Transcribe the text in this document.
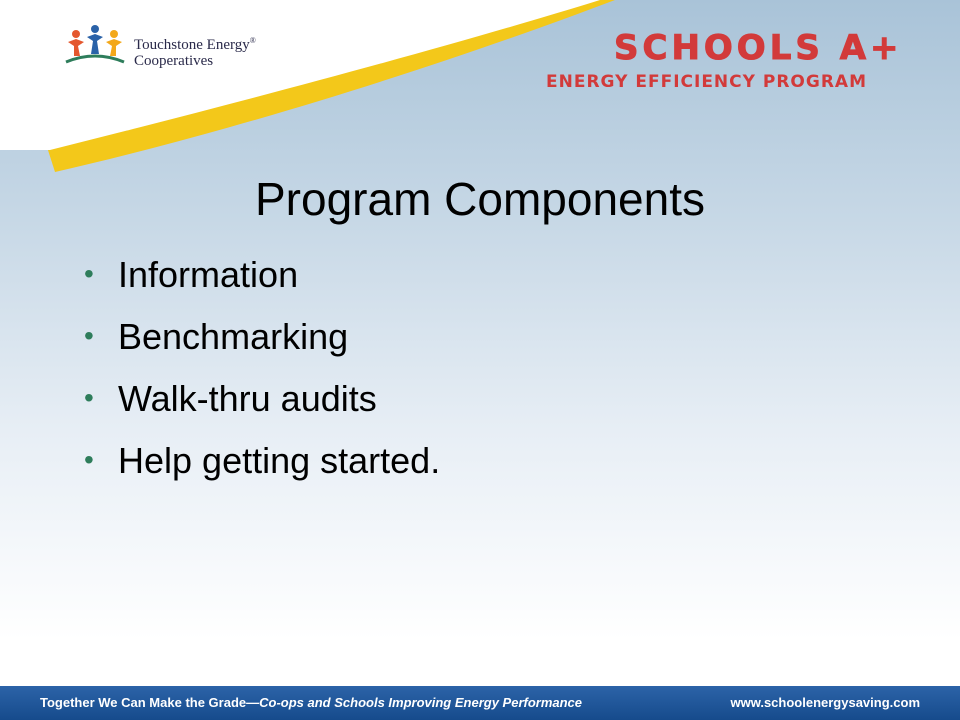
Touchstone Energy®
Cooperatives	SCHOOLS A+
ENERGY EFFICIENCY PROGRAM
Program Components
• Information
• Benchmarking
• Walk-thru audits
• Help getting started.
Together We Can Make the Grade—Co-ops and Schools Improving Energy Performance	www.schoolenergysaving.com
